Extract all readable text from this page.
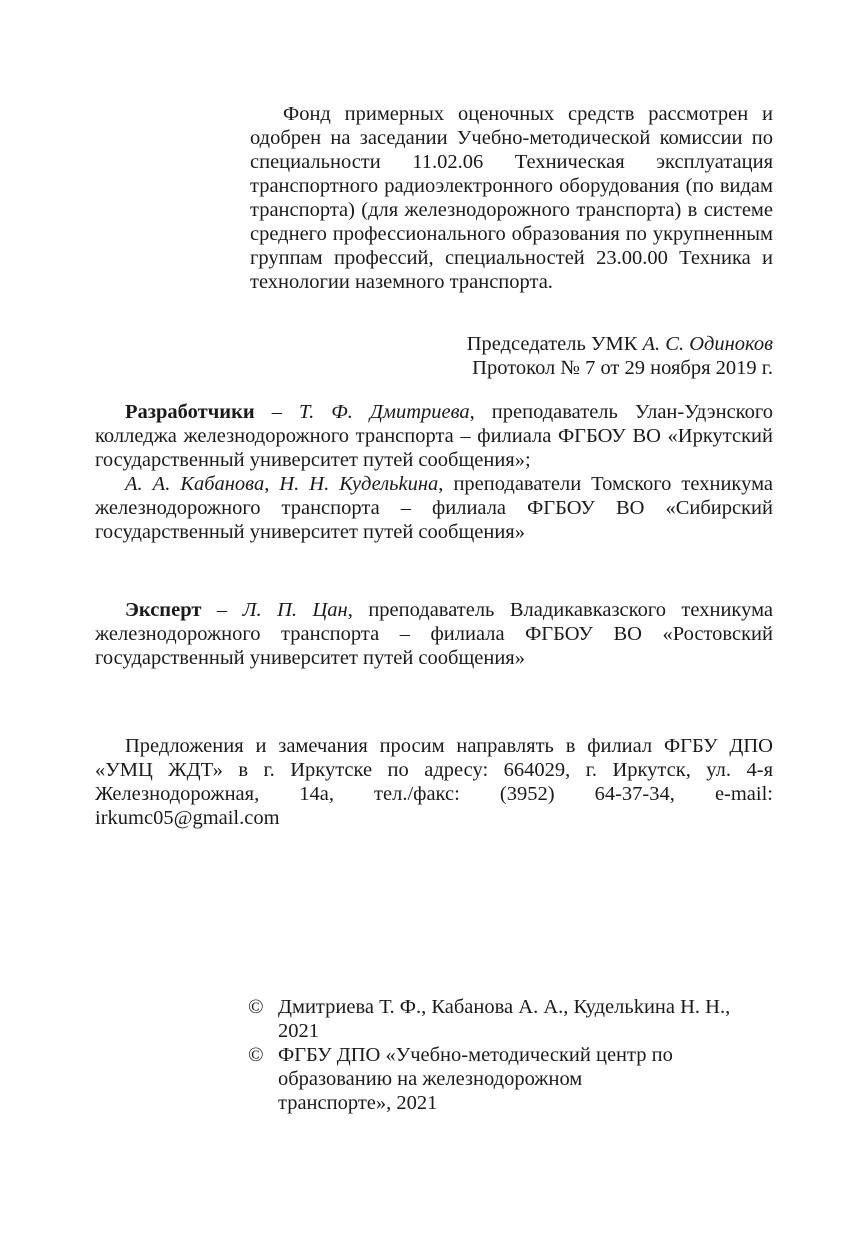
Фонд примерных оценочных средств рассмотрен и одобрен на заседании Учебно-методической комиссии по специальности 11.02.06 Техническая эксплуатация транспортного радиоэлектронного оборудования (по видам транспорта) (для железнодорожного транспорта) в системе среднего профессионального образования по укрупненным группам профессий, специальностей 23.00.00 Техника и технологии наземного транспорта.
Председатель УМК А. С. Одиноков
Протокол № 7 от 29 ноября 2019 г.

Разработчики – Т. Ф. Дмитриева, преподаватель Улан-Удэнского колледжа железнодорожного транспорта – филиала ФГБОУ ВО «Иркутский государственный университет путей сообщения»;

А. А. Кабанова, Н. Н. Кудельkина, преподаватели Томского техникума железнодорожного транспорта – филиала ФГБОУ ВО «Сибирский государственный университет путей сообщения»

Эксперт – Л. П. Цан, преподаватель Владикавказского техникума железнодорожного транспорта – филиала ФГБОУ ВО «Ростовский государственный университет путей сообщения»

Предложения и замечания просим направлять в филиал ФГБУ ДПО «УМЦ ЖДТ» в г. Иркутске по адресу: 664029, г. Иркутск, ул. 4-я Железнодорожная, 14а, тел./факс: (3952) 64-37-34, e-mail: irkumc05@gmail.com

© Дмитриева Т. Ф., Кабанова А. А., Кудельkина Н. Н., 2021
© ФГБУ ДПО «Учебно-методический центр по образованию на железнодорожном транспорте», 2021
